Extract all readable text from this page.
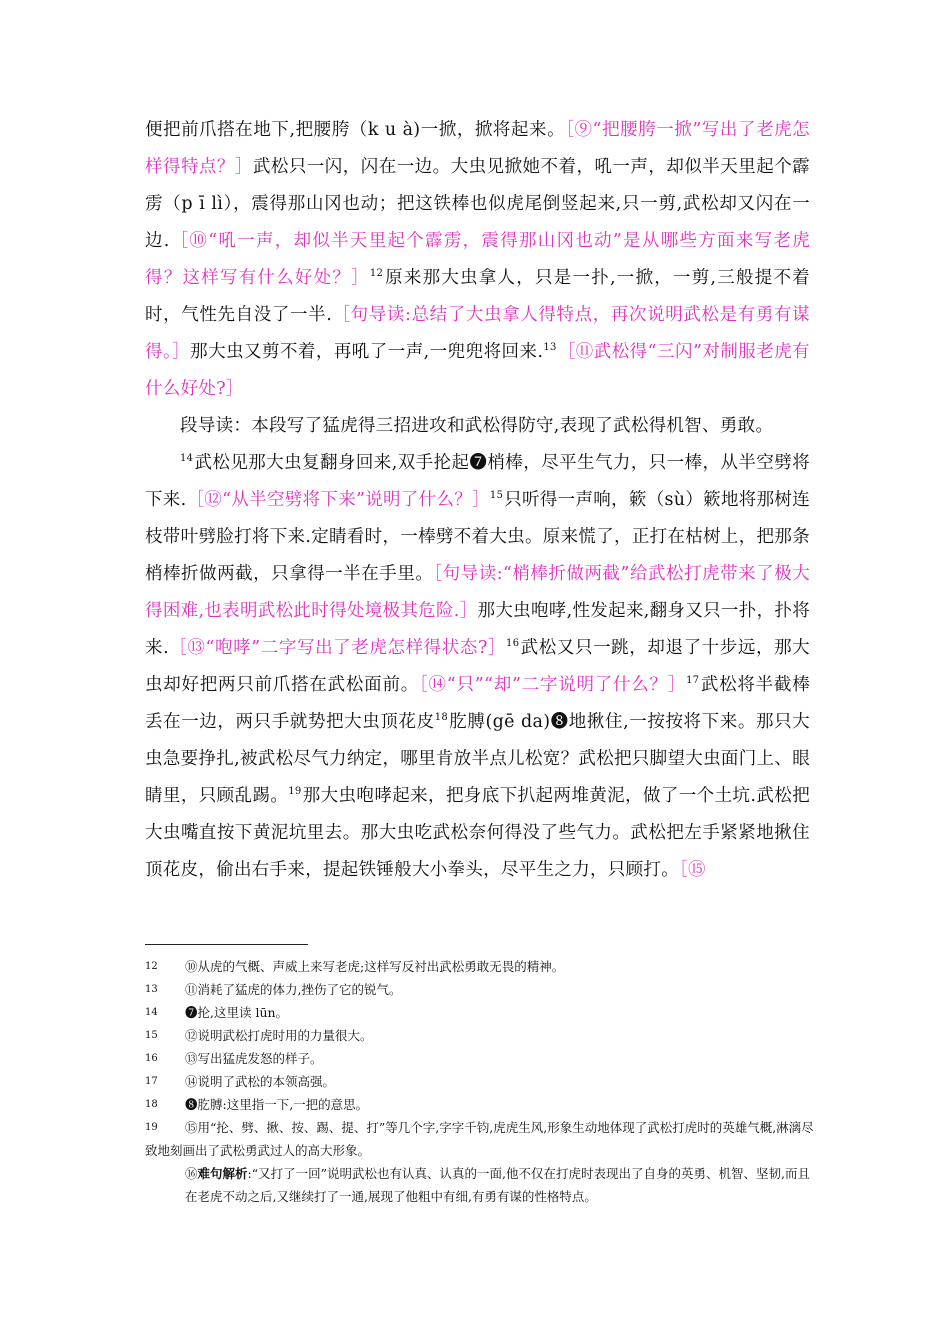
便把前爪搭在地下,把腰胯（k u à)一掀，掀将起来。［⑨“把腰胯一掀”写出了老虎怎样得特点？］武松只一闪，闪在一边。大虫见掀她不着，吼一声，却似半天里起个霹雳（p ī lì），震得那山冈也动；把这铁棒也似虎尾倒竖起来,只一剪,武松却又闪在一边.［⑩“吼一声，却似半天里起个霹雳，震得那山冈也动”是从哪些方面来写老虎得？这样写有什么好处？］$^{12}$原来那大虫拿人，只是一扑,一掀，一剪,三般提不着时，气性先自没了一半.［句导读:总结了大虫拿人得特点，再次说明武松是有勇有谋得。］那大虫又剪不着，再吼了一声,一兜兜将回来.$^{13}$［⑪武松得“三闪”对制服老虎有什么好处?］

段导读：本段写了猛虎得三招进攻和武松得防守,表现了武松得机智、勇敢。

$^{14}$武松见那大虫复翻身回来,双手抡起❼梢棒，尽平生气力，只一棒，从半空劈将下来.［⑫“从半空劈将下来”说明了什么？］$^{15}$只听得一声响，簌（sù）簌地将那树连枝带叶劈脸打将下来.定睛看时，一棒劈不着大虫。原来慌了，正打在枯树上，把那条梢棒折做两截，只拿得一半在手里。［句导读:“梢棒折做两截”给武松打虎带来了极大得困难,也表明武松此时得处境极其危险.］那大虫咆哮,性发起来,翻身又只一扑，扑将来.［⑬“咆哮”二字写出了老虎怎样得状态?］$^{16}$武松又只一跳，却退了十步远，那大虫却好把两只前爪搭在武松面前。［⑭“只”“却”二字说明了什么？］$^{17}$武松将半截棒丢在一边，两只手就势把大虫顶花皮$^{18}$肐膊(gē da)❽地揪住,一按按将下来。那只大虫急要挣扎,被武松尽气力纳定，哪里肯放半点儿松宽？武松把只脚望大虫面门上、眼睛里，只顾乱踢。$^{19}$那大虫咆哮起来，把身底下扒起两堆黄泥，做了一个土坑.武松把大虫嘴直按下黄泥坑里去。那大虫吃武松奈何得没了些气力。武松把左手紧紧地揪住顶花皮，偷出右手来，提起铁锤般大小拳头，尽平生之力，只顾打。［⑮

12 ⑩从虎的气概、声威上来写老虎;这样写反衬出武松勇敢无畏的精神。
13 ⑪消耗了猛虎的体力,挫伤了它的锐气。
14 ❼抡,这里读 lūn。
15 ⑫说明武松打虎时用的力量很大。
16 ⑬写出猛虎发怒的样子。
17 ⑭说明了武松的本领高强。
18 ❽肐膊:这里指一下,一把的意思。
19 ⑮用“抡、劈、揪、按、踢、提、打”等几个字,字字千钧,虎虎生风,形象生动地体现了武松打虎时的英雄气概,淋漓尽致地刻画出了武松勇武过人的高大形象。
⑯难句解析:“又打了一回”说明武松也有认真、认真的一面,他不仅在打虎时表现出了自身的英勇、机智、坚韧,而且在老虎不动之后,又继续打了一通,展现了他粗中有细,有勇有谋的性格特点。
